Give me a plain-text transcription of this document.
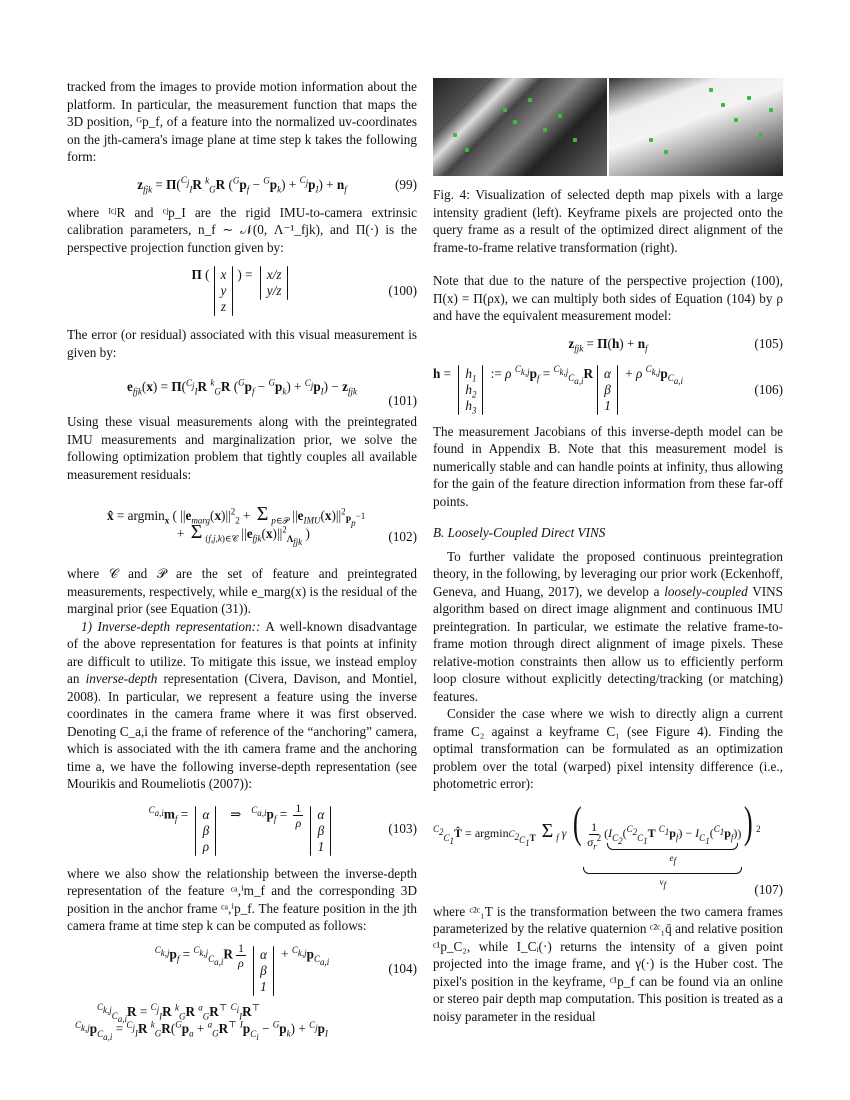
tracked from the images to provide motion information about the platform. In particular, the measurement function that maps the 3D position, ᴳp_f, of a feature into the normalized uv-coordinates on the jth-camera's image plane at time step k takes the following form:

$z_{fjk} = \Pi(^{C_j}_IR$ $^k_G$R $(^Gp_f - ^Gp_k) + ^{C_j}p_I) + n_f$	(99)

where ᴵᶜʲR and ᶜʲp_I are the rigid IMU-to-camera extrinsic calibration parameters, n_f ∼ 𝒩(0, Λ⁻¹_fjk), and Π(·) is the perspective projection function given by:

Π ( x
y
z
) = x/z
y/z	(100)

The error (or residual) associated with this visual measurement is given by:

$e_{fjk}(x) = \Pi(^{C_j}_IR$ $^k_G$R $(^Gp_f - ^Gp_k) + ^{C_j}p_I) - z_{fjk}$
(101)

Using these visual measurements along with the preintegrated IMU measurements and marginalization prior, we solve the following optimization problem that tightly couples all available measurement residuals:

x̂ = argmin$_x$ ( $||e_{marg}(x)||^2_2 + \Sigma$ $_{p\in 𝒫}$ $||e_{IMU}(x)||^2_{P_p^{-1}}$
+ Σ $_{(f,j,k)\in 𝒞}$ $||e_{fjk}(x)||^2_{\Lambda_{fjk}}$ )	(102)

where 𝒞 and 𝒫 are the set of feature and preintegrated measurements, respectively, while e_marg(x) is the residual of the marginal prior (see Equation (31)).

1) Inverse-depth representation:: A well-known disadvantage of the above representation for features is that points at infinity are difficult to utilize. To mitigate this issue, we instead employ an inverse-depth representation (Civera, Davison, and Montiel, 2008). In particular, we represent a feature using the inverse coordinates in the camera frame where it was first observed. Denoting C_a,i the frame of reference of the “anchoring” camera, which is associated with the ith camera frame and the anchoring time a, we have the following inverse-depth representation (see Mourikis and Roumeliotis (2007)):

$^{C_{a,i}}m_f = \alpha$
β
ρ
⇒   $^{C_{a,i}}p_f = \frac{1}{\rho}$ α
β
1
(103)

where we also show the relationship between the inverse-depth representation of the feature ᶜᵃ,ⁱm_f and the corresponding 3D position in the anchor frame ᶜᵃ,ⁱp_f. The feature position in the jth camera frame at time step k can be computed as follows:

$^{C_{k,j}}p_f = ^{C_{k,j}}_{C_{a,i}}R \frac{1}{\rho}$ α
β
1
+ $^{C_{k,j}}p_{C_{a,i}}$	(104)
$^{C_{k,j}}_{C_{a,i}}$R = $^{C_j}_I$R $^k_G$R $^a_G$R⊤ $^{C_i}_I$R⊤
$^{C_{k,j}}p_{C_{a,i}} = ^{C_j}_IR$ $^k_GR(^Gp_a + ^a_GR^⊤$ $^Ip_{C_i} - ^Gp_k) + ^{C_j}p_I$

Fig. 4: Visualization of selected depth map pixels with a large intensity gradient (left). Keyframe pixels are projected onto the query frame as a result of the optimized direct alignment of the frame-to-frame relative transformation (right).

Note that due to the nature of the perspective projection (100), Π(x) = Π(ρx), we can multiply both sides of Equation (104) by ρ and have the equivalent measurement model:

$z_{fjk} = \Pi(h) + n_f$	(105)
$h = h_1$
$h_2$
$h_3$
:= ρ $^{C_{k,j}}p_f = ^{C_{k,j}}_{C_{a,i}}R$ α
β
1
+ ρ $^{C_{k,j}}p_{C_{a,i}}$
(106)

The measurement Jacobians of this inverse-depth model can be found in Appendix B. Note that this measurement model is numerically stable and can handle points at infinity, thus allowing for the gain of the feature direction information from these far-off points.

B. Loosely-Coupled Direct VINS

To further validate the proposed continuous preintegration theory, in the following, by leveraging our prior work (Eckenhoff, Geneva, and Huang, 2017), we develop a loosely-coupled VINS algorithm based on direct image alignment and continuous IMU preintegration. In particular, we estimate the relative frame-to-frame motion through direct alignment of image pixels. These relative-motion constraints then allow us to efficiently perform loop closure without explicitly detecting/tracking (or matching) features.

Consider the case where we wish to directly align a current frame C₂ against a keyframe C₁ (see Figure 4). Finding the optimal transformation can be formulated as an optimization problem over the total (warped) pixel intensity difference (i.e., photometric error):

$^{C_2}_{C_1}$T̂ = argmin$_{^{C_2}_{C_1}T}$ Σ $_f$ γ ( $\frac{1}{\sigma_r^2}$ ( $I_{C_2}(^{C_2}_{C_1}T$ $^{C_1}p_f) - I_{C_1}(^{C_1}p_f)$
$e_f$
)
$v_f$
) $^2$
(107)

where ᶜ²ᶜ₁T is the transformation between the two camera frames parameterized by the relative quaternion ᶜ²ᶜ₁q̄ and relative position ᶜ¹p_C₂, while I_Cᵢ(·) returns the intensity of a given point projected into the image frame, and γ(·) is the Huber cost. The pixel's position in the keyframe, ᶜ¹p_f can be found via an online or stereo pair depth map computation. This position is treated as a noisy parameter in the residual
